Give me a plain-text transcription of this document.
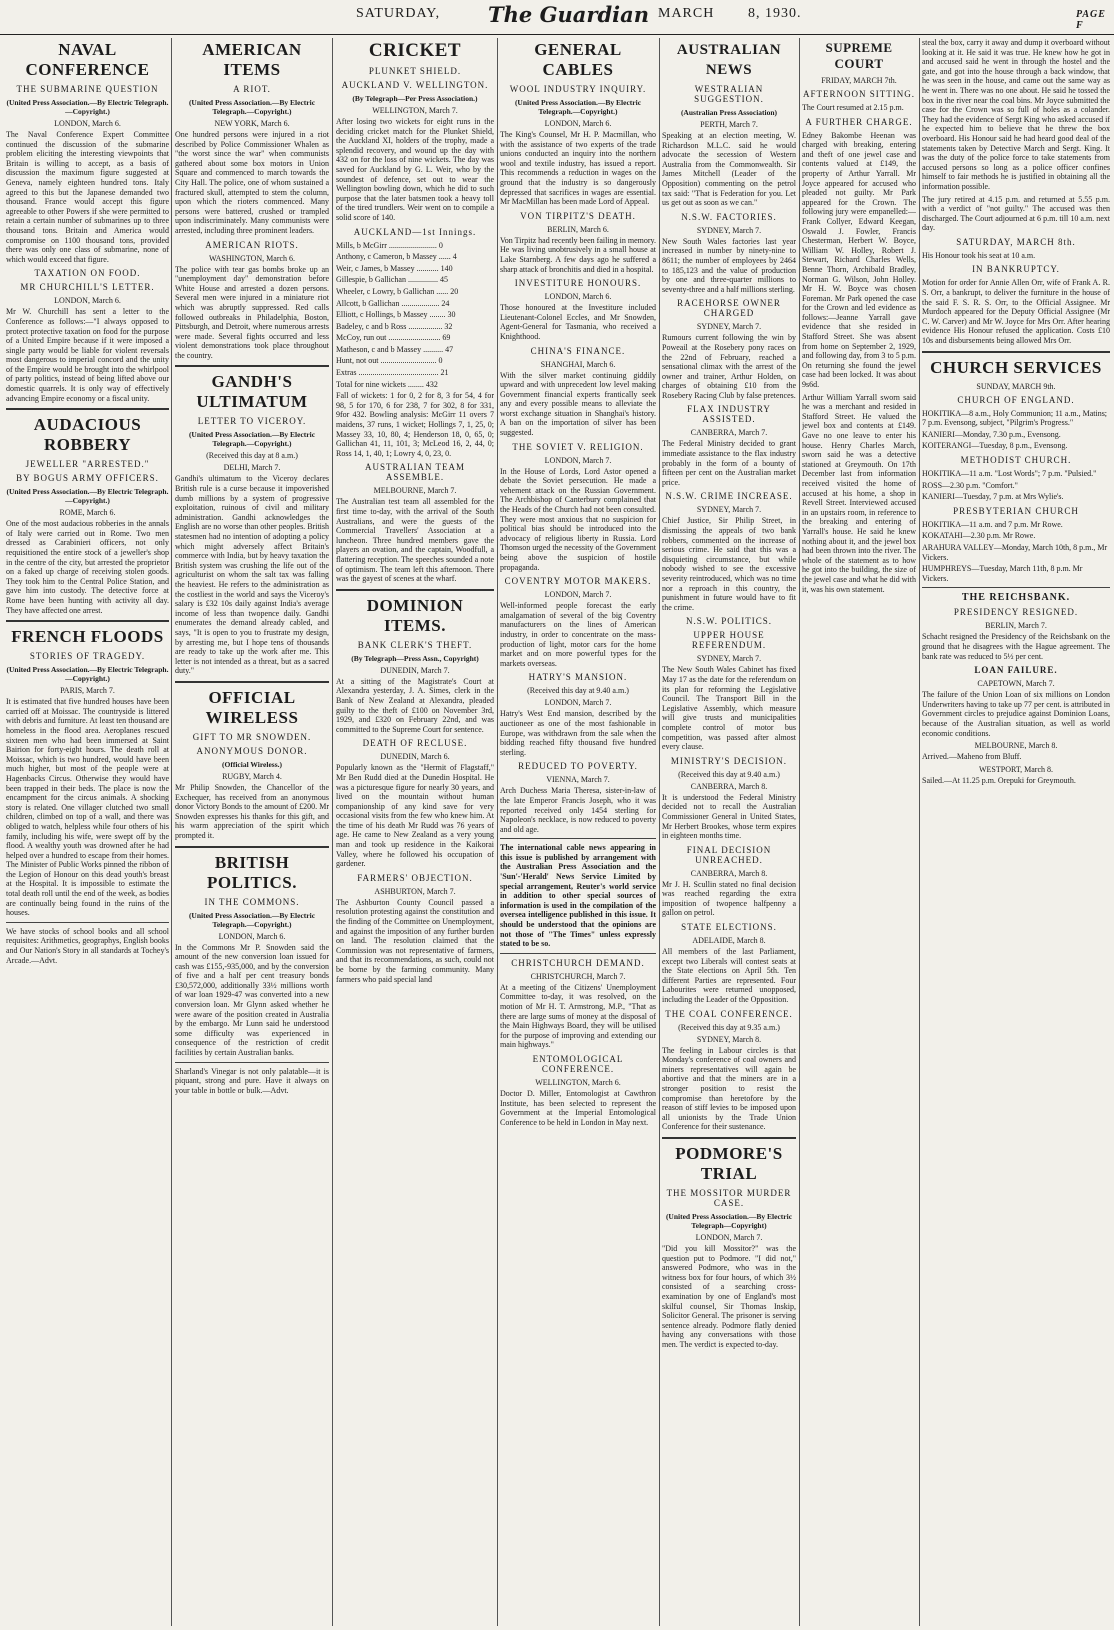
SATURDAY, The Guardian MARCH 8, 1930.	PAGE F
NAVAL CONFERENCE
THE SUBMARINE QUESTION
(United Press Association.—By Electric Telegraph.—Copyright.)
LONDON, March 6.

The Naval Conference Expert Committee continued the discussion of the submarine problem eliciting the interesting viewpoints that Britain is willing to accept, as a basis of discussion the maximum figure suggested at Geneva, namely eighteen hundred tons. Italy agreed to this but the Japanese demanded two thousand. France would accept this figure agreeable to other Powers if she were permitted to retain a certain number of submarines up to three thousand tons. Britain and America would compromise on 1100 thousand tons, provided there was only one class of submarine, none of which would exceed that figure.

TAXATION ON FOOD.
MR CHURCHILL'S LETTER.
LONDON, March 6.

Mr W. Churchill has sent a letter to the Conference as follows:—"I always opposed to protect protective taxation on food for the purpose of a United Empire because if it were imposed a single party would be liable for violent reversals most dangerous to imperial concord and the unity of the Empire would be brought into the whirlpool of party politics, instead of being lifted above our domestic quarrels. It is only way of effectively advancing Empire economy or a fiscal unity.

AUDACIOUS ROBBERY
JEWELLER "ARRESTED."
BY BOGUS ARMY OFFICERS.
(United Press Association.—By Electric Telegraph.—Copyright.)
ROME, March 6.

One of the most audacious robberies in the annals of Italy were carried out in Rome. Two men dressed as Carabinieri officers, not only requisitioned the entire stock of a jeweller's shop in the centre of the city, but arrested the proprietor on a faked up charge of receiving stolen goods. They took him to the Central Police Station, and gave him into custody. The detective force at Rome have been hunting with activity all day. They have affected one arrest.

FRENCH FLOODS
STORIES OF TRAGEDY.
(United Press Association.—By Electric Telegraph.—Copyright.)
PARIS, March 7.

It is estimated that five hundred houses have been carried off at Moissac. The countryside is littered with debris and furniture. At least ten thousand are homeless in the flood area. Aeroplanes rescued sixteen men who had been immersed at Saint Bairion for forty-eight hours. The death roll at Moissac, which is two hundred, would have been much higher, but most of the people were at Hagenbacks Circus. Otherwise they would have been trapped in their beds. The place is now the encampment for the circus animals. A shocking story is related. One villager clutched two small children, climbed on top of a wall, and there was obliged to watch, helpless while four others of his family, including his wife, were swept off by the flood. A wealthy youth was drowned after he had helped over a hundred to escape from their homes. The Minister of Public Works pinned the ribbon of the Legion of Honour on this dead youth's breast at the Hospital. It is impossible to estimate the total death roll until the end of the week, as bodies are continually being found in the ruins of the houses.

We have stocks of school books and all school requisites: Arithmetics, geographys, English books and Our Nation's Story in all standards at Tochey's Arcade.—Advt.

AMERICAN ITEMS
A RIOT.
(United Press Association.—By Electric Telegraph.—Copyright.)
NEW YORK, March 6.

One hundred persons were injured in a riot described by Police Commissioner Whalen as "the worst since the war" when communists gathered about some box motors in Union Square and commenced to march towards the City Hall. The police, one of whom sustained a fractured skull, attempted to stem the column, upon which the rioters commenced. Many persons were battered, crushed or trampled upon indiscriminately. Many communists were arrested, including three prominent leaders.

AMERICAN RIOTS.
WASHINGTON, March 6.

The police with tear gas bombs broke up an "unemployment day" demonstration before White House and arrested a dozen persons. Several men were injured in a miniature riot which was abruptly suppressed. Red calls followed outbreaks in Philadelphia, Boston, Pittsburgh, and Detroit, where numerous arrests were made. Several fights occurred and less violent demonstrations took place throughout the country.

GANDH'S ULTIMATUM
LETTER TO VICEROY.
(United Press Association.—By Electric Telegraph.—Copyright.)
(Received this day at 8 a.m.)
DELHI, March 7.

Gandhi's ultimatum to the Viceroy declares British rule is a curse because it impoverished dumb millions by a system of progressive exploitation, ruinous of civil and military administration. Gandhi acknowledges the English are no worse than other peoples. British statesmen had no intention of adopting a policy which might adversely affect Britain's commerce with India, but by heavy taxation the British system was crushing the life out of the agriculturist on whom the salt tax was falling the heaviest. He refers to the administration as the costliest in the world and says the Viceroy's salary is £32 10s daily against India's average income of less than twopence daily. Gandhi enumerates the demand already cabled, and says, "It is open to you to frustrate my design, by arresting me, but I hope tens of thousands are ready to take up the work after me. This letter is not intended as a threat, but as a sacred duty."

OFFICIAL WIRELESS
GIFT TO MR SNOWDEN.
ANONYMOUS DONOR.
(Official Wireless.)
RUGBY, March 4.

Mr Philip Snowden, the Chancellor of the Exchequer, has received from an anonymous donor Victory Bonds to the amount of £200. Mr Snowden expresses his thanks for this gift, and his warm appreciation of the spirit which prompted it.

BRITISH POLITICS.
IN THE COMMONS.
(United Press Association.—By Electric Telegraph.—Copyright.)
LONDON, March 6.

In the Commons Mr P. Snowden said the amount of the new conversion loan issued for cash was £155,-935,000, and by the conversion of five and a half per cent treasury bonds £30,572,000, additionally 33½ millions worth of war loan 1929-47 was converted into a new conversion loan. Mr Glynn asked whether he were aware of the position created in Australia by the embargo. Mr Lunn said he understood some difficulty was experienced in consequence of the restriction of credit facilities by certain Australian banks.

Sharland's Vinegar is not only palatable—it is piquant, strong and pure. Have it always on your table in bottle or bulk.—Advt.

CRICKET
PLUNKET SHIELD.
AUCKLAND V. WELLINGTON.
(By Telegraph—Per Press Association.)
WELLINGTON, March 7.

After losing two wickets for eight runs in the deciding cricket match for the Plunket Shield, the Auckland XI, holders of the trophy, made a splendid recovery, and wound up the day with 432 on for the loss of nine wickets. The day was saved for Auckland by G. L. Weir, who by the soundest of defence, set out to wear the Wellington bowling down, which he did to such purpose that the later batsmen took a heavy toll of the tired trundlers. Weir went on to compile a solid score of 140.

AUCKLAND—1st Innings.
Mills, b McGirr ........................ 0
Anthony, c Cameron, b Massey ...... 4
Weir, c James, b Massey ........... 140
Gillespie, b Gallichan ............... 45
Wheeler, c Lowry, b Gallichan ...... 20
Allcott, b Gallichan ................... 24
Elliott, c Hollings, b Massey ........ 30
Badeley, c and b Ross ................. 32
McCoy, run out .......................... 69
Matheson, c and b Massey .......... 47
Hunt, not out ............................ 0
Extras ........................................ 21
Total for nine wickets ........ 432

Fall of wickets: 1 for 0, 2 for 8, 3 for 54, 4 for 98, 5 for 170, 6 for 238, 7 for 302, 8 for 331, 9for 432. Bowling analysis: McGirr 11 overs 7 maidens, 37 runs, 1 wicket; Hollings 7, 1, 25, 0; Massey 33, 10, 80, 4; Henderson 18, 0, 65, 0; Gallichan 41, 11, 101, 3; McLeod 16, 2, 44, 0; Ross 14, 1, 40, 1; Lowry 4, 0, 23, 0.

AUSTRALIAN TEAM ASSEMBLE.
MELBOURNE, March 7.

The Australian test team all assembled for the first time to-day, with the arrival of the South Australians, and were the guests of the Commercial Travellers' Association at a luncheon. Three hundred members gave the players an ovation, and the captain, Woodfull, a flattering reception. The speeches sounded a note of optimism. The team left this afternoon. There was the gayest of scenes at the wharf.

DOMINION ITEMS.
BANK CLERK'S THEFT.
(By Telegraph—Press Assn., Copyright)
DUNEDIN, March 7.

At a sitting of the Magistrate's Court at Alexandra yesterday, J. A. Simes, clerk in the Bank of New Zealand at Alexandra, pleaded guilty to the theft of £100 on November 3rd, 1929, and £320 on February 22nd, and was committed to the Supreme Court for sentence.

DEATH OF RECLUSE.
DUNEDIN, March 6.

Popularly known as the "Hermit of Flagstaff," Mr Ben Rudd died at the Dunedin Hospital. He was a picturesque figure for nearly 30 years, and lived on the mountain without human companionship of any kind save for very occasional visits from the few who knew him. At the time of his death Mr Rudd was 76 years of age. He came to New Zealand as a very young man and took up residence in the Kaikorai Valley, where he followed his occupation of gardener.

FARMERS' OBJECTION.
ASHBURTON, March 7.

The Ashburton County Council passed a resolution protesting against the constitution and the finding of the Committee on Unemployment, and against the imposition of any further burden on land. The resolution claimed that the Commission was not representative of farmers, and that its recommendations, as such, could not be borne by the farming community. Many farmers who paid special land

GENERAL CABLES
WOOL INDUSTRY INQUIRY.
(United Press Association.—By Electric Telegraph.—Copyright.)
LONDON, March 6.

The King's Counsel, Mr H. P. Macmillan, who with the assistance of two experts of the trade unions conducted an inquiry into the northern wool and textile industry, has issued a report. This recommends a reduction in wages on the ground that the industry is so dangerously depressed that sacrifices in wages are essential. Mr MacMillan has been made Lord of Appeal.

VON TIRPITZ'S DEATH.
BERLIN, March 6.

Von Tirpitz had recently been failing in memory. He was living unobtrusively in a small house at Lake Starnberg. A few days ago he suffered a sharp attack of bronchitis and died in a hospital.

INVESTITURE HONOURS.
LONDON, March 6.

Those honoured at the Investiture included Lieutenant-Colonel Eccles, and Mr Snowden, Agent-General for Tasmania, who received a Knighthood.

CHINA'S FINANCE.
SHANGHAI, March 6.

With the silver market continuing giddily upward and with unprecedent low level making Government financial experts frantically seek any and every possible means to alleviate the worst exchange situation in Shanghai's history. A ban on the importation of silver has been suggested.

THE SOVIET V. RELIGION.
LONDON, March 7.

In the House of Lords, Lord Astor opened a debate the Soviet persecution. He made a vehement attack on the Russian Government. The Archbishop of Canterbury complained that the Heads of the Church had not been consulted. They were most anxious that no suspicion for political bias should be introduced into the advocacy of religious liberty in Russia. Lord Thomson urged the necessity of the Government being above the suspicion of hostile propaganda.

COVENTRY MOTOR MAKERS.
LONDON, March 7.

Well-informed people forecast the early amalgamation of several of the big Coventry manufacturers on the lines of American industry, in order to concentrate on the mass-production of light, motor cars for the home market and on more powerful types for the markets overseas.

HATRY'S MANSION.
(Received this day at 9.40 a.m.)
LONDON, March 7.

Hatry's West End mansion, described by the auctioneer as one of the most fashionable in Europe, was withdrawn from the sale when the bidding reached fifty thousand five hundred sterling.

REDUCED TO POVERTY.
VIENNA, March 7.

Arch Duchess Maria Theresa, sister-in-law of the late Emperor Francis Joseph, who it was reported received only 1454 sterling for Napoleon's necklace, is now reduced to poverty and old age.

The international cable news appearing in this issue is published by arrangement with the Australian Press Association and the 'Sun'-'Herald' News Service Limited by special arrangement, Reuter's world service in addition to other special sources of information is used in the compilation of the oversea intelligence published in this issue. It should be understood that the opinions are not those of "The Times" unless expressly stated to be so.

CHRISTCHURCH DEMAND.
CHRISTCHURCH, March 7.

At a meeting of the Citizens' Unemployment Committee to-day, it was resolved, on the motion of Mr H. T. Armstrong, M.P., "That as there are large sums of money at the disposal of the Main Highways Board, they will be utilised for the purpose of improving and extending our main highways."

ENTOMOLOGICAL CONFERENCE.
WELLINGTON, March 6.

Doctor D. Miller, Entomologist at Cawthron Institute, has been selected to represent the Government at the Imperial Entomological Conference to be held in London in May next.

AUSTRALIAN NEWS
WESTRALIAN SUGGESTION.
(Australian Press Association)
PERTH, March 7.

Speaking at an election meeting, W. Richardson M.L.C. said he would advocate the secession of Western Australia from the Commonwealth. Sir James Mitchell (Leader of the Opposition) commenting on the petrol tax said: "That is Federation for you. Let us get out as soon as we can."

N.S.W. FACTORIES.
SYDNEY, March 7.

New South Wales factories last year increased in number by ninety-nine to 8611; the number of employees by 2464 to 185,123 and the value of production by one and three-quarter millions to seventy-three and a half millions sterling.

RACEHORSE OWNER CHARGED
SYDNEY, March 7.

Rumours current following the win by Poweail at the Rosebery pony races on the 22nd of February, reached a sensational climax with the arrest of the owner and trainer, Arthur Holden, on charges of obtaining £10 from the Rosebery Racing Club by false pretences.

FLAX INDUSTRY ASSISTED.
CANBERRA, March 7.

The Federal Ministry decided to grant immediate assistance to the flax industry probably in the form of a bounty of fifteen per cent on the Australian market price.

N.S.W. CRIME INCREASE.
SYDNEY, March 7.

Chief Justice, Sir Philip Street, in dismissing the appeals of two bank robbers, commented on the increase of serious crime. He said that this was a disquieting circumstance, but while nobody wished to see the excessive severity reintroduced, which was no time nor a reproach in this country, the punishment in future would have to fit the crime.

N.S.W. POLITICS.
UPPER HOUSE REFERENDUM.
SYDNEY, March 7.

The New South Wales Cabinet has fixed May 17 as the date for the referendum on its plan for reforming the Legislative Council. The Transport Bill in the Legislative Assembly, which measure will give trusts and municipalities complete control of motor bus competition, was passed after almost every clause.

MINISTRY'S DECISION.
(Received this day at 9.40 a.m.)
CANBERRA, March 8.

It is understood the Federal Ministry decided not to recall the Australian Commissioner General in United States, Mr Herbert Brookes, whose term expires in eighteen months time.

FINAL DECISION UNREACHED.
CANBERRA, March 8.

Mr J. H. Scullin stated no final decision was reached regarding the extra imposition of twopence halfpenny a gallon on petrol.

STATE ELECTIONS.
ADELAIDE, March 8.

All members of the last Parliament, except two Liberals will contest seats at the State elections on April 5th. Ten different Parties are represented. Four Labourites were returned unopposed, including the Leader of the Opposition.

THE COAL CONFERENCE.
(Received this day at 9.35 a.m.)
SYDNEY, March 8.

The feeling in Labour circles is that Monday's conference of coal owners and miners representatives will again be abortive and that the miners are in a stronger position to resist the compromise than heretofore by the reason of stiff levies to be imposed upon all unionists by the Trade Union Conference for their sustenance.

PODMORE'S TRIAL
THE MOSSITOR MURDER CASE.
(United Press Association.—By Electric Telegraph—Copyright)
LONDON, March 7.

"Did you kill Mossitor?" was the question put to Podmore. "I did not," answered Podmore, who was in the witness box for four hours, of which 3½ consisted of a searching cross-examination by one of England's most skilful counsel, Sir Thomas Inskip, Solicitor General. The prisoner is serving sentence already. Podmore flatly denied having any conversations with those men. The verdict is expected to-day.

SUPREME COURT
FRIDAY, MARCH 7th.
AFTERNOON SITTING.

The Court resumed at 2.15 p.m.

A FURTHER CHARGE.

Edney Bakombe Heenan was charged with breaking, entering and theft of one jewel case and contents valued at £149, the property of Arthur Yarrall. Mr Joyce appeared for accused who pleaded not guilty. Mr Park appeared for the Crown. The following jury were empanelled:—Frank Collyer, Edward Keegan, Oswald J. Fowler, Francis Chesterman, Herbert W. Boyce, William W. Holley, Robert J. Stewart, Richard Charles Wells, Benne Thorn, Archibald Bradley, Norman G. Wilson, John Holley. Mr H. W. Boyce was chosen Foreman. Mr Park opened the case for the Crown and led evidence as follows:—Jeanne Yarrall gave evidence that she resided in Stafford Street. She was absent from home on September 2, 1929, and following day, from 3 to 5 p.m. On returning she found the jewel case had been locked. It was about 9s6d.

Arthur William Yarrall sworn said he was a merchant and resided in Stafford Street. He valued the jewel box and contents at £149. Gave no one leave to enter his house. Henry Charles March, sworn said he was a detective stationed at Greymouth. On 17th December last from information received visited the home of accused at his home, a shop in Revell Street. Interviewed accused in an upstairs room, in reference to the breaking and entering of Yarrall's house. He said he knew nothing about it, and the jewel box had been thrown into the river. The whole of the statement as to how he got into the building, the size of the jewel case and what he did with it, was his own statement.

steal the box, carry it away and dump it overboard without looking at it. He said it was true. He knew how he got in and accused said he went in through the hostel and the gate, and got into the house through a back window, that he was seen in the house, and came out the same way as he went in. There was no one about. He said he tossed the box in the river near the coal bins. Mr Joyce submitted the case for the Crown was so full of holes as a colander. They had the evidence of Sergt King who asked accused if he expected him to believe that he threw the box overboard. His Honour said he had heard good deal of the statements taken by Detective March and Sergt. King. It was the duty of the police force to take statements from accused persons so long as a police officer confines himself to fair methods he is justified in obtaining all the information possible.

The jury retired at 4.15 p.m. and returned at 5.55 p.m. with a verdict of "not guilty." The accused was then discharged. The Court adjourned at 6 p.m. till 10 a.m. next day.

SATURDAY, MARCH 8th.

His Honour took his seat at 10 a.m.

IN BANKRUPTCY.

Motion for order for Annie Allen Orr, wife of Frank A. R. S. Orr, a bankrupt, to deliver the furniture in the house of the said F. S. R. S. Orr, to the Official Assignee. Mr Murdoch appeared for the Deputy Official Assignee (Mr C. W. Carver) and Mr W. Joyce for Mrs Orr. After hearing evidence His Honour refused the application. Costs £10 10s and disbursements being allowed Mrs Orr.

CHURCH SERVICES
SUNDAY, MARCH 9th.
CHURCH OF ENGLAND.
HOKITIKA—8 a.m., Holy Communion; 11 a.m., Matins; 7 p.m. Evensong, subject, "Pilgrim's Progress."
KANIERI—Monday, 7.30 p.m., Evensong.
KOITERANGI—Tuesday, 8 p.m., Evensong.
METHODIST CHURCH.
HOKITIKA—11 a.m. "Lost Words"; 7 p.m. "Pulsied."
ROSS—2.30 p.m. "Comfort."
KANIERI—Tuesday, 7 p.m. at Mrs Wylie's.
PRESBYTERIAN CHURCH
HOKITIKA—11 a.m. and 7 p.m. Mr Rowe.
KOKATAHI—2.30 p.m. Mr Rowe.
ARAHURA VALLEY—Monday, March 10th, 8 p.m., Mr Vickers.
HUMPHREYS—Tuesday, March 11th, 8 p.m. Mr Vickers.
THE REICHSBANK.
PRESIDENCY RESIGNED.
BERLIN, March 7.

Schacht resigned the Presidency of the Reichsbank on the ground that he disagrees with the Hague agreement. The bank rate was reduced to 5½ per cent.

LOAN FAILURE.
CAPETOWN, March 7.

The failure of the Union Loan of six millions on London Underwriters having to take up 77 per cent. is attributed in Government circles to prejudice against Dominion Loans, because of the Australian situation, as well as world economic conditions.

MELBOURNE, March 8.

Arrived.—Maheno from Bluff.

WESTPORT, March 8.

Sailed.—At 11.25 p.m. Orepuki for Greymouth.
